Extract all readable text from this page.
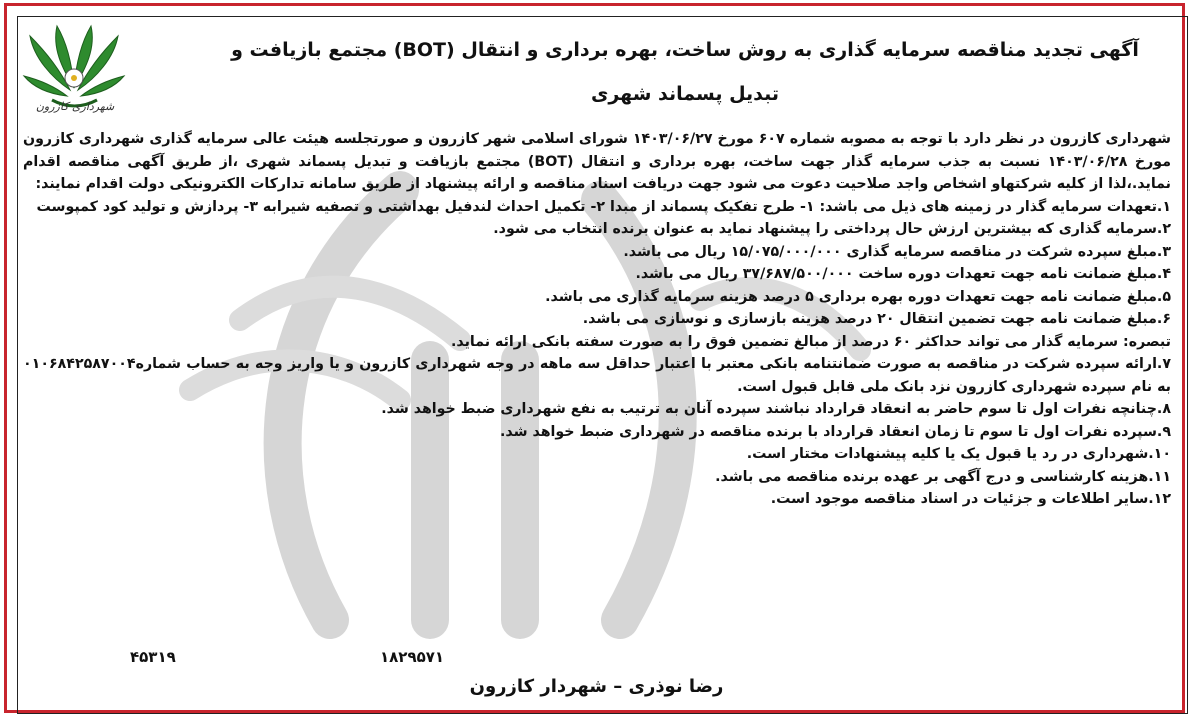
شهرداری کازرون
آگهی تجدید مناقصه سرمایه گذاری به روش ساخت، بهره برداری و انتقال (BOT) مجتمع بازیافت و تبدیل پسماند شهری

شهرداری کازرون در نظر دارد با توجه به مصوبه شماره ۶۰۷ مورخ ۱۴۰۳/۰۶/۲۷ شورای اسلامی شهر کازرون و صورتجلسه هیئت عالی سرمایه گذاری شهرداری کازرون مورخ ۱۴۰۳/۰۶/۲۸ نسبت به جذب سرمایه گذار جهت ساخت، بهره برداری و انتقال (BOT) مجتمع بازیافت و تبدیل پسماند شهری ،از طریق آگهی مناقصه اقدام نماید.،لذا از کلیه شرکتهاو اشخاص واجد صلاحیت دعوت می شود جهت دریافت اسناد مناقصه و ارائه پیشنهاد از طریق سامانه تدارکات الکترونیکی دولت اقدام نمایند:

۱.تعهدات سرمایه گذار در زمینه های ذیل می باشد: ۱- طرح تفکیک پسماند از مبدا ۲- تکمیل احداث لندفیل بهداشتی و تصفیه شیرابه ۳- پردازش و تولید کود کمپوست

۲.سرمایه گذاری که بیشترین ارزش حال پرداختی را پیشنهاد نماید به عنوان برنده انتخاب می شود.

۳.مبلغ سپرده شرکت در مناقصه سرمایه گذاری ۱۵/۰۷۵/۰۰۰/۰۰۰ ریال می باشد.

۴.مبلغ ضمانت نامه جهت تعهدات دوره ساخت ۳۷/۶۸۷/۵۰۰/۰۰۰ ریال می باشد.

۵.مبلغ ضمانت نامه جهت تعهدات دوره بهره برداری ۵ درصد هزینه سرمایه گذاری می باشد.

۶.مبلغ ضمانت نامه جهت تضمین انتقال ۲۰ درصد هزینه بازسازی و نوسازی می باشد.

تبصره: سرمایه گذار می تواند حداکثر ۶۰ درصد از مبالغ تضمین فوق را به صورت سفته بانکی ارائه نماید.

۷.ارائه سپرده شرکت در مناقصه به صورت ضمانتنامه بانکی معتبر با اعتبار حداقل سه ماهه در وجه شهرداری کازرون و یا واریز وجه به حساب شماره۰۱۰۶۸۴۲۵۸۷۰۰۴ به نام سپرده شهرداری کازرون نزد بانک ملی قابل قبول است.

۸.چنانچه نفرات اول تا سوم حاضر به انعقاد قرارداد نباشند سپرده آنان به ترتیب به نفع شهرداری ضبط خواهد شد.

۹.سپرده نفرات اول تا سوم تا زمان انعقاد قرارداد با برنده مناقصه در شهرداری ضبط خواهد شد.

۱۰.شهرداری در رد یا قبول یک یا کلیه پیشنهادات مختار است.

۱۱.هزینه کارشناسی و درج آگهی بر عهده برنده مناقصه می باشد.

۱۲.سایر اطلاعات و جزئیات در اسناد مناقصه موجود است.

۴۵۳۱۹	۱۸۲۹۵۷۱
رضا نوذری – شهردار کازرون
